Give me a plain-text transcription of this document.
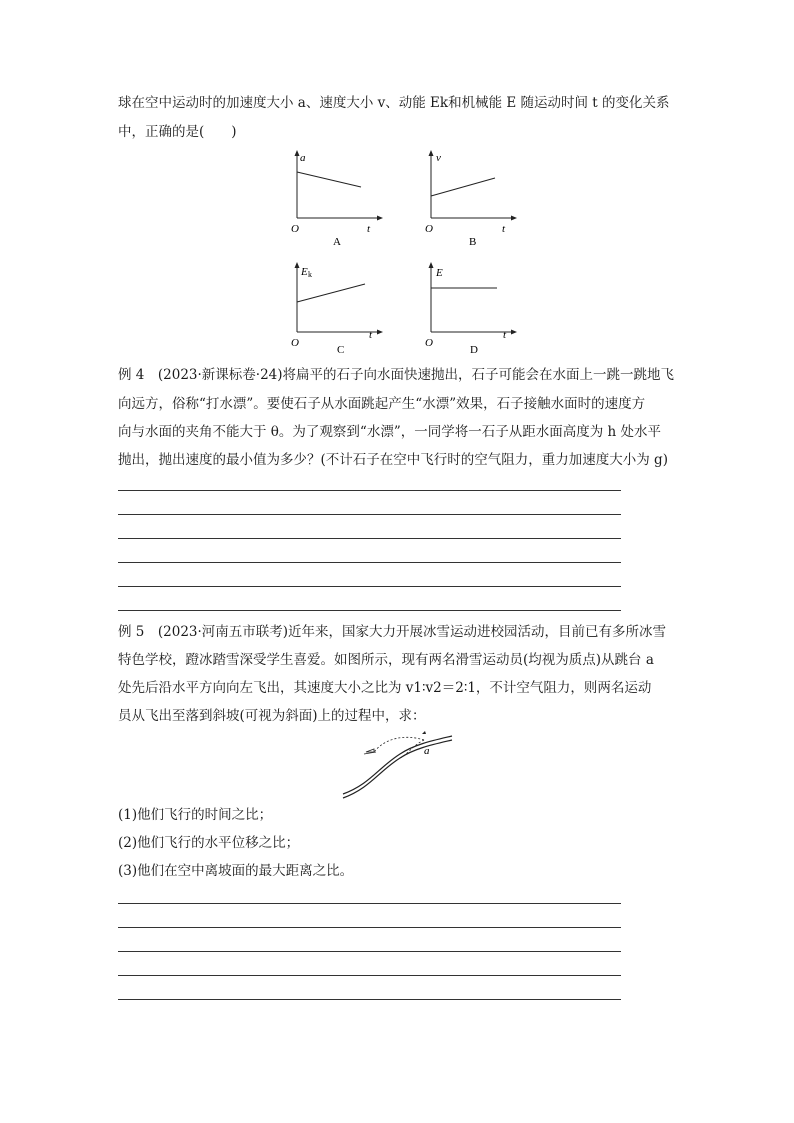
球在空中运动时的加速度大小 a、速度大小 v、动能 Ek和机械能 E 随运动时间 t 的变化关系
中，正确的是(　　)
a
t
O
A
v
t
O
B
E k
t
O
C
E
t
O
D
例 4　(2023·新课标卷·24)将扁平的石子向水面快速抛出，石子可能会在水面上一跳一跳地飞
向远方，俗称“打水漂”。要使石子从水面跳起产生“水漂”效果，石子接触水面时的速度方
向与水面的夹角不能大于 θ。为了观察到“水漂”，一同学将一石子从距水面高度为 h 处水平
抛出，抛出速度的最小值为多少？(不计石子在空中飞行时的空气阻力，重力加速度大小为 g)
例 5　(2023·河南五市联考)近年来，国家大力开展冰雪运动进校园活动，目前已有多所冰雪
特色学校，蹬冰踏雪深受学生喜爱。如图所示，现有两名滑雪运动员(均视为质点)从跳台 a
处先后沿水平方向向左飞出，其速度大小之比为 v1∶v2＝2∶1，不计空气阻力，则两名运动
员从飞出至落到斜坡(可视为斜面)上的过程中，求：
a
(1)他们飞行的时间之比；
(2)他们飞行的水平位移之比；
(3)他们在空中离坡面的最大距离之比。
